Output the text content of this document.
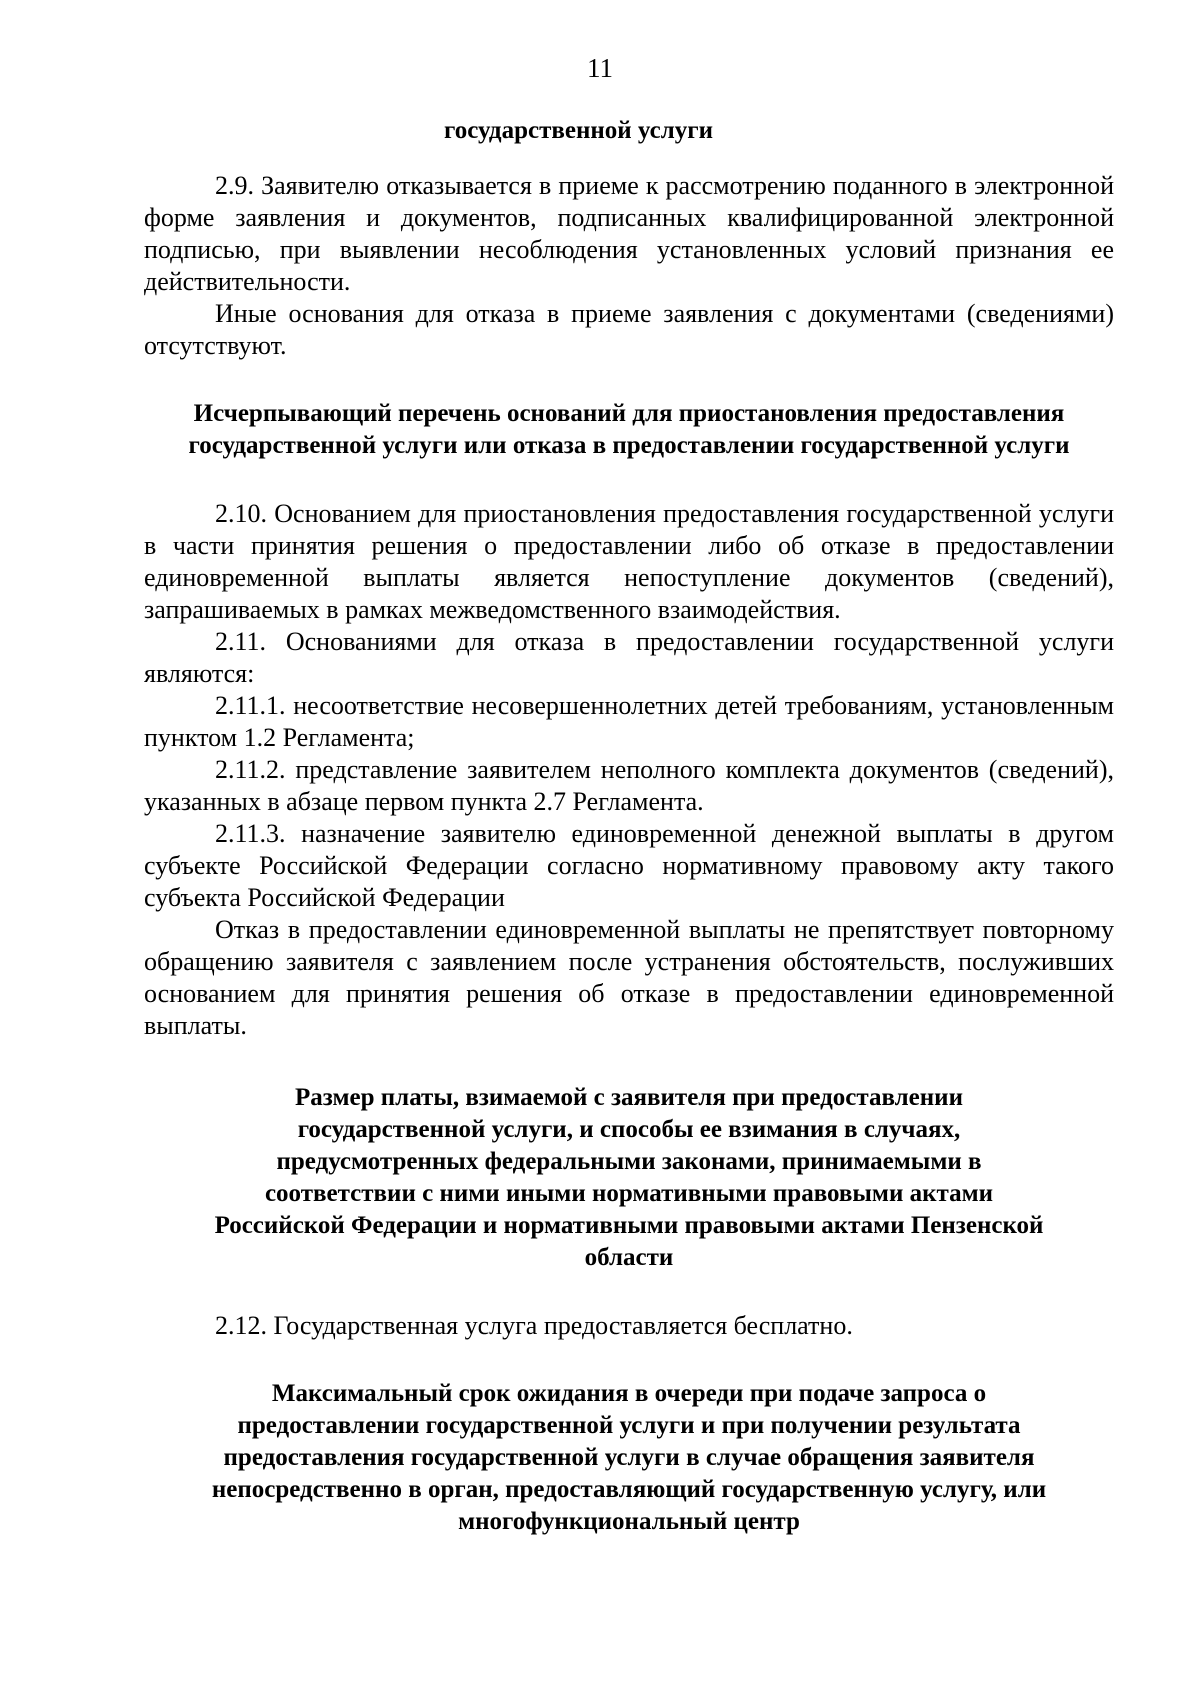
11

государственной услуги

2.9. Заявителю отказывается в приеме к рассмотрению поданного в электронной форме заявления и документов, подписанных квалифицированной электронной подписью, при выявлении несоблюдения установленных условий признания ее действительности.

Иные основания для отказа в приеме заявления с документами (сведениями) отсутствуют.

Исчерпывающий перечень оснований для приостановления предоставления государственной услуги или отказа в предоставлении государственной услуги

2.10. Основанием для приостановления предоставления государственной услуги в части принятия решения о предоставлении либо об отказе в предоставлении единовременной выплаты является непоступление документов (сведений), запрашиваемых в рамках межведомственного взаимодействия.

2.11. Основаниями для отказа в предоставлении государственной услуги являются:

2.11.1. несоответствие несовершеннолетних детей требованиям, установленным пунктом 1.2 Регламента;

2.11.2. представление заявителем неполного комплекта документов (сведений), указанных в абзаце первом пункта 2.7 Регламента.

2.11.3. назначение заявителю единовременной денежной выплаты в другом субъекте Российской Федерации согласно нормативному правовому акту такого субъекта Российской Федерации

Отказ в предоставлении единовременной выплаты не препятствует повторному обращению заявителя с заявлением после устранения обстоятельств, послуживших основанием для принятия решения об отказе в предоставлении единовременной выплаты.

Размер платы, взимаемой с заявителя при предоставлении государственной услуги, и способы ее взимания в случаях, предусмотренных федеральными законами, принимаемыми в соответствии с ними иными нормативными правовыми актами Российской Федерации и нормативными правовыми актами Пензенской области

2.12. Государственная услуга предоставляется бесплатно.

Максимальный срок ожидания в очереди при подаче запроса о предоставлении государственной услуги и при получении результата предоставления государственной услуги в случае обращения заявителя непосредственно в орган, предоставляющий государственную услугу, или многофункциональный центр
